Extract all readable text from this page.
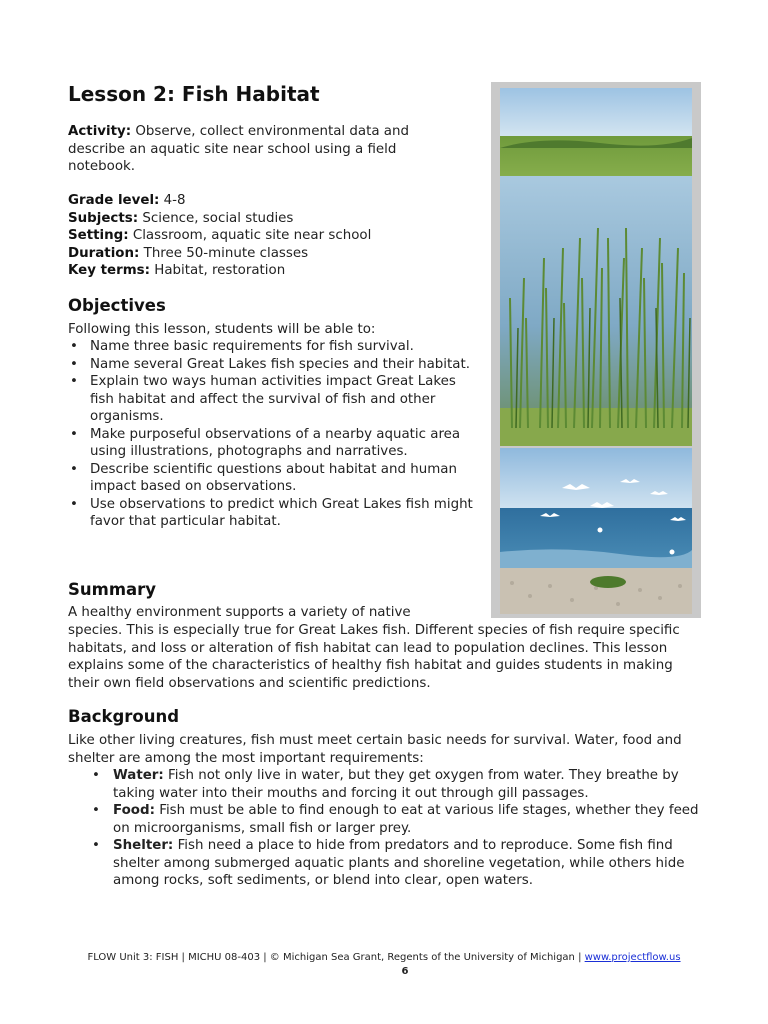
Lesson 2: Fish Habitat

Activity: Observe, collect environmental data and describe an aquatic site near school using a field notebook.

Grade level: 4-8
Subjects: Science, social studies
Setting: Classroom, aquatic site near school
Duration: Three 50-minute classes
Key terms: Habitat, restoration
Objectives

Following this lesson, students will be able to:

• Name three basic requirements for fish survival.
• Name several Great Lakes fish species and their habitat.
• Explain two ways human activities impact Great Lakes fish habitat and affect the survival of fish and other organisms.
• Make purposeful observations of a nearby aquatic area using illustrations, photographs and narratives.
• Describe scientific questions about habitat and human impact based on observations.
• Use observations to predict which Great Lakes fish might favor that particular habitat.
Summary

A healthy environment supports a variety of native

species. This is especially true for Great Lakes fish. Different species of fish require specific habitats, and loss or alteration of fish habitat can lead to population declines. This lesson explains some of the characteristics of healthy fish habitat and guides students in making their own field observations and scientific predictions.

Background

Like other living creatures, fish must meet certain basic needs for survival. Water, food and shelter are among the most important requirements:

• Water: Fish not only live in water, but they get oxygen from water. They breathe by taking water into their mouths and forcing it out through gill passages.
• Food: Fish must be able to find enough to eat at various life stages, whether they feed on microorganisms, small fish or larger prey.
• Shelter: Fish need a place to hide from predators and to reproduce. Some fish find shelter among submerged aquatic plants and shoreline vegetation, while others hide among rocks, soft sediments, or blend into clear, open waters.
FLOW Unit 3: FISH | MICHU 08-403 | © Michigan Sea Grant, Regents of the University of Michigan | www.projectflow.us
6
